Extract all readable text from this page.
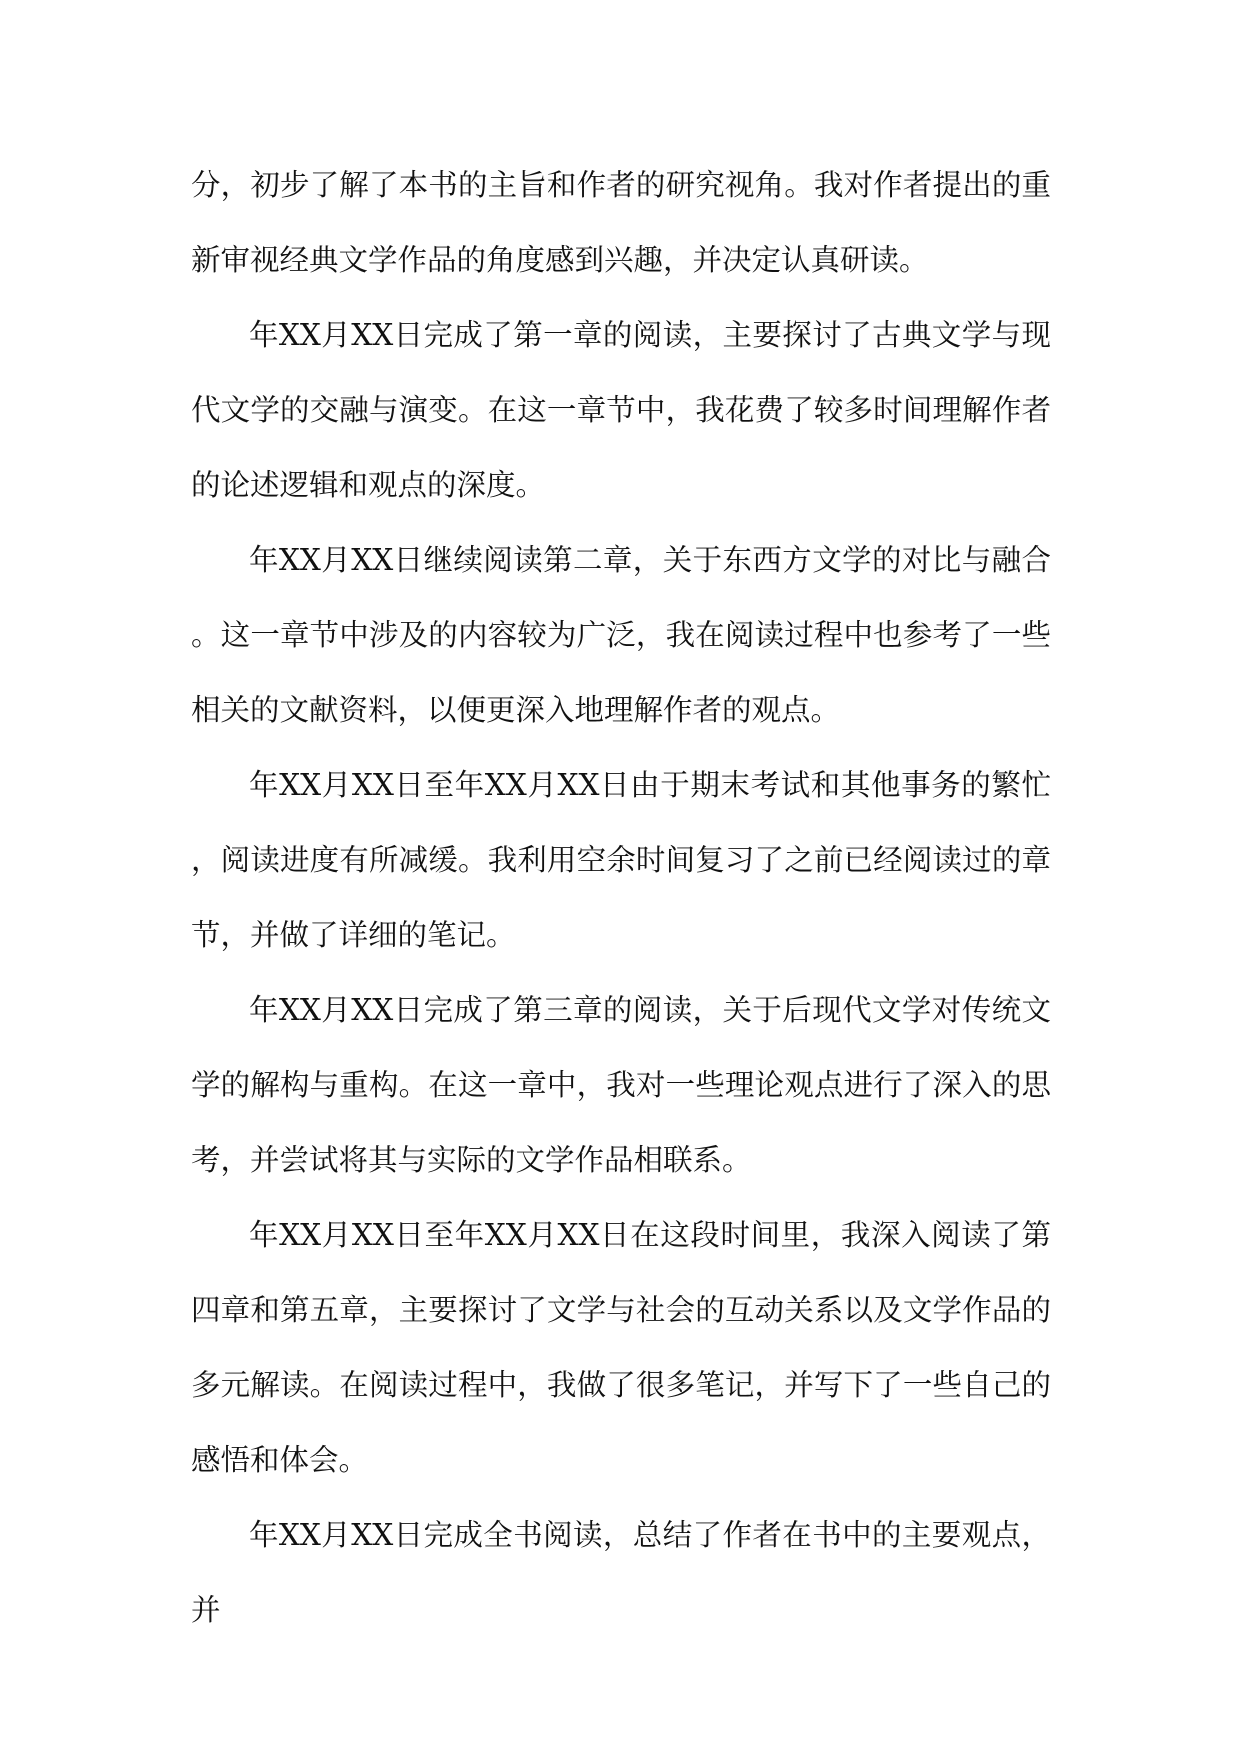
分，初步了解了本书的主旨和作者的研究视角。我对作者提出的重新审视经典文学作品的角度感到兴趣，并决定认真研读。

年XX月XX日完成了第一章的阅读，主要探讨了古典文学与现代文学的交融与演变。在这一章节中，我花费了较多时间理解作者的论述逻辑和观点的深度。

年XX月XX日继续阅读第二章，关于东西方文学的对比与融合。这一章节中涉及的内容较为广泛，我在阅读过程中也参考了一些相关的文献资料，以便更深入地理解作者的观点。

年XX月XX日至年XX月XX日由于期末考试和其他事务的繁忙，阅读进度有所减缓。我利用空余时间复习了之前已经阅读过的章节，并做了详细的笔记。

年XX月XX日完成了第三章的阅读，关于后现代文学对传统文学的解构与重构。在这一章中，我对一些理论观点进行了深入的思考，并尝试将其与实际的文学作品相联系。

年XX月XX日至年XX月XX日在这段时间里，我深入阅读了第四章和第五章，主要探讨了文学与社会的互动关系以及文学作品的多元解读。在阅读过程中，我做了很多笔记，并写下了一些自己的感悟和体会。

年XX月XX日完成全书阅读，总结了作者在书中的主要观点，并
